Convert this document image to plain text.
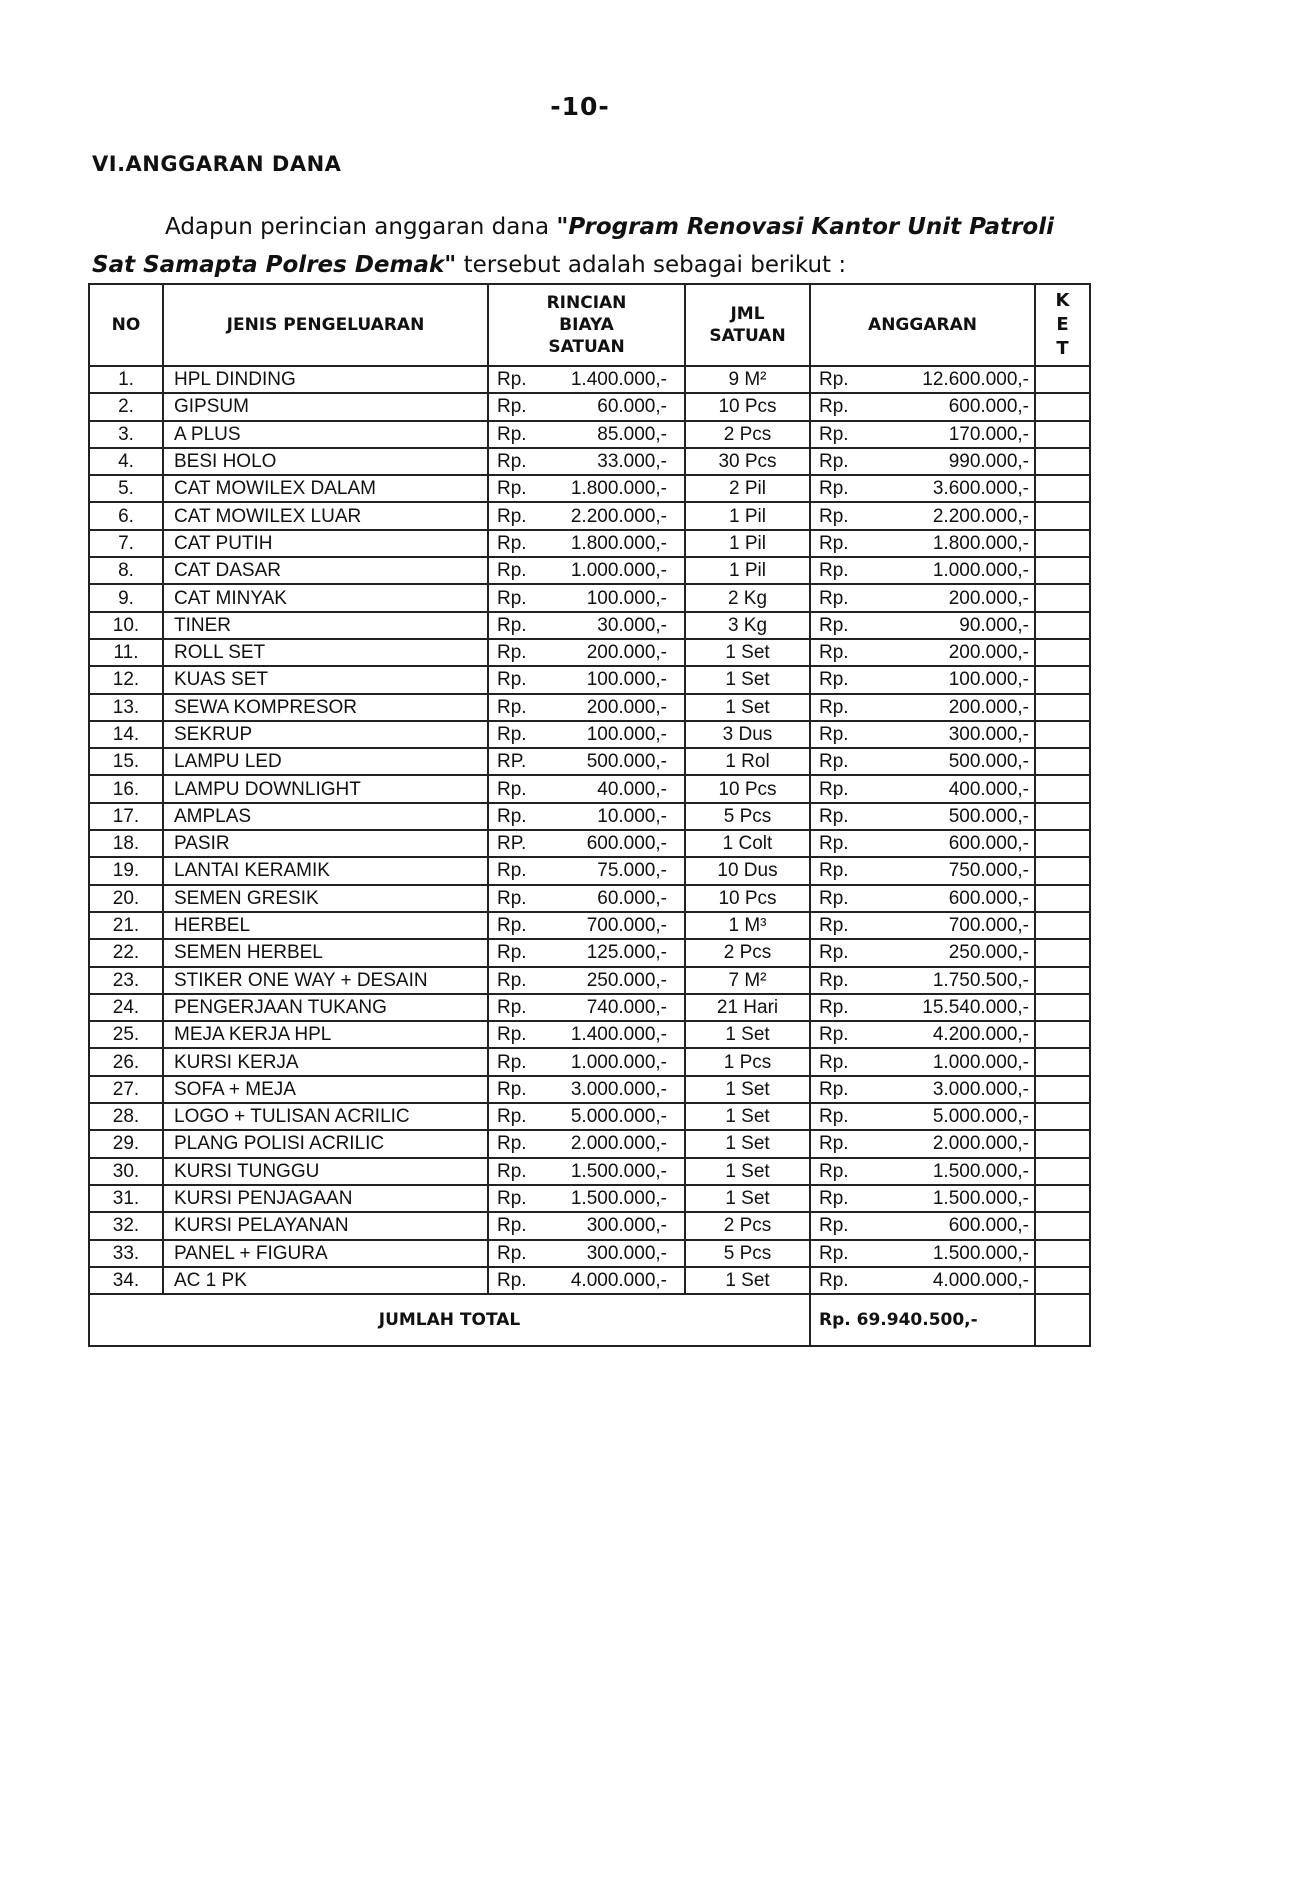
-10-
VI.ANGGARAN DANA
Adapun perincian anggaran dana "Program Renovasi Kantor Unit Patroli Sat Samapta Polres Demak" tersebut adalah sebagai berikut :
NO	JENIS PENGELUARAN	RINCIAN BIAYA SATUAN	JML SATUAN	ANGGARAN	K E T
1.	HPL DINDING	Rp. 1.400.000,-	9 M²	Rp. 12.600.000,-	
2.	GIPSUM	Rp. 60.000,-	10 Pcs	Rp. 600.000,-	
3.	A PLUS	Rp. 85.000,-	2 Pcs	Rp. 170.000,-	
4.	BESI HOLO	Rp. 33.000,-	30 Pcs	Rp. 990.000,-	
5.	CAT MOWILEX DALAM	Rp. 1.800.000,-	2 Pil	Rp. 3.600.000,-	
6.	CAT MOWILEX LUAR	Rp. 2.200.000,-	1 Pil	Rp. 2.200.000,-	
7.	CAT PUTIH	Rp. 1.800.000,-	1 Pil	Rp. 1.800.000,-	
8.	CAT DASAR	Rp. 1.000.000,-	1 Pil	Rp. 1.000.000,-	
9.	CAT MINYAK	Rp. 100.000,-	2 Kg	Rp. 200.000,-	
10.	TINER	Rp. 30.000,-	3 Kg	Rp. 90.000,-	
11.	ROLL SET	Rp. 200.000,-	1 Set	Rp. 200.000,-	
12.	KUAS SET	Rp. 100.000,-	1 Set	Rp. 100.000,-	
13.	SEWA KOMPRESOR	Rp. 200.000,-	1 Set	Rp. 200.000,-	
14.	SEKRUP	Rp. 100.000,-	3 Dus	Rp. 300.000,-	
15.	LAMPU LED	RP. 500.000,-	1 Rol	Rp. 500.000,-	
16.	LAMPU DOWNLIGHT	Rp. 40.000,-	10 Pcs	Rp. 400.000,-	
17.	AMPLAS	Rp. 10.000,-	5 Pcs	Rp. 500.000,-	
18.	PASIR	RP. 600.000,-	1 Colt	Rp. 600.000,-	
19.	LANTAI KERAMIK	Rp. 75.000,-	10 Dus	Rp. 750.000,-	
20.	SEMEN GRESIK	Rp. 60.000,-	10 Pcs	Rp. 600.000,-	
21.	HERBEL	Rp. 700.000,-	1 M³	Rp. 700.000,-	
22.	SEMEN HERBEL	Rp. 125.000,-	2 Pcs	Rp. 250.000,-	
23.	STIKER ONE WAY + DESAIN	Rp. 250.000,-	7 M²	Rp. 1.750.500,-	
24.	PENGERJAAN TUKANG	Rp. 740.000,-	21 Hari	Rp. 15.540.000,-	
25.	MEJA KERJA HPL	Rp. 1.400.000,-	1 Set	Rp. 4.200.000,-	
26.	KURSI KERJA	Rp. 1.000.000,-	1 Pcs	Rp. 1.000.000,-	
27.	SOFA + MEJA	Rp. 3.000.000,-	1 Set	Rp. 3.000.000,-	
28.	LOGO + TULISAN ACRILIC	Rp. 5.000.000,-	1 Set	Rp. 5.000.000,-	
29.	PLANG POLISI ACRILIC	Rp. 2.000.000,-	1 Set	Rp. 2.000.000,-	
30.	KURSI TUNGGU	Rp. 1.500.000,-	1 Set	Rp. 1.500.000,-	
31.	KURSI PENJAGAAN	Rp. 1.500.000,-	1 Set	Rp. 1.500.000,-	
32.	KURSI PELAYANAN	Rp. 300.000,-	2 Pcs	Rp. 600.000,-	
33.	PANEL + FIGURA	Rp. 300.000,-	5 Pcs	Rp. 1.500.000,-	
34.	AC 1 PK	Rp. 4.000.000,-	1 Set	Rp. 4.000.000,-	
JUMLAH TOTAL				Rp. 69.940.500,-	
